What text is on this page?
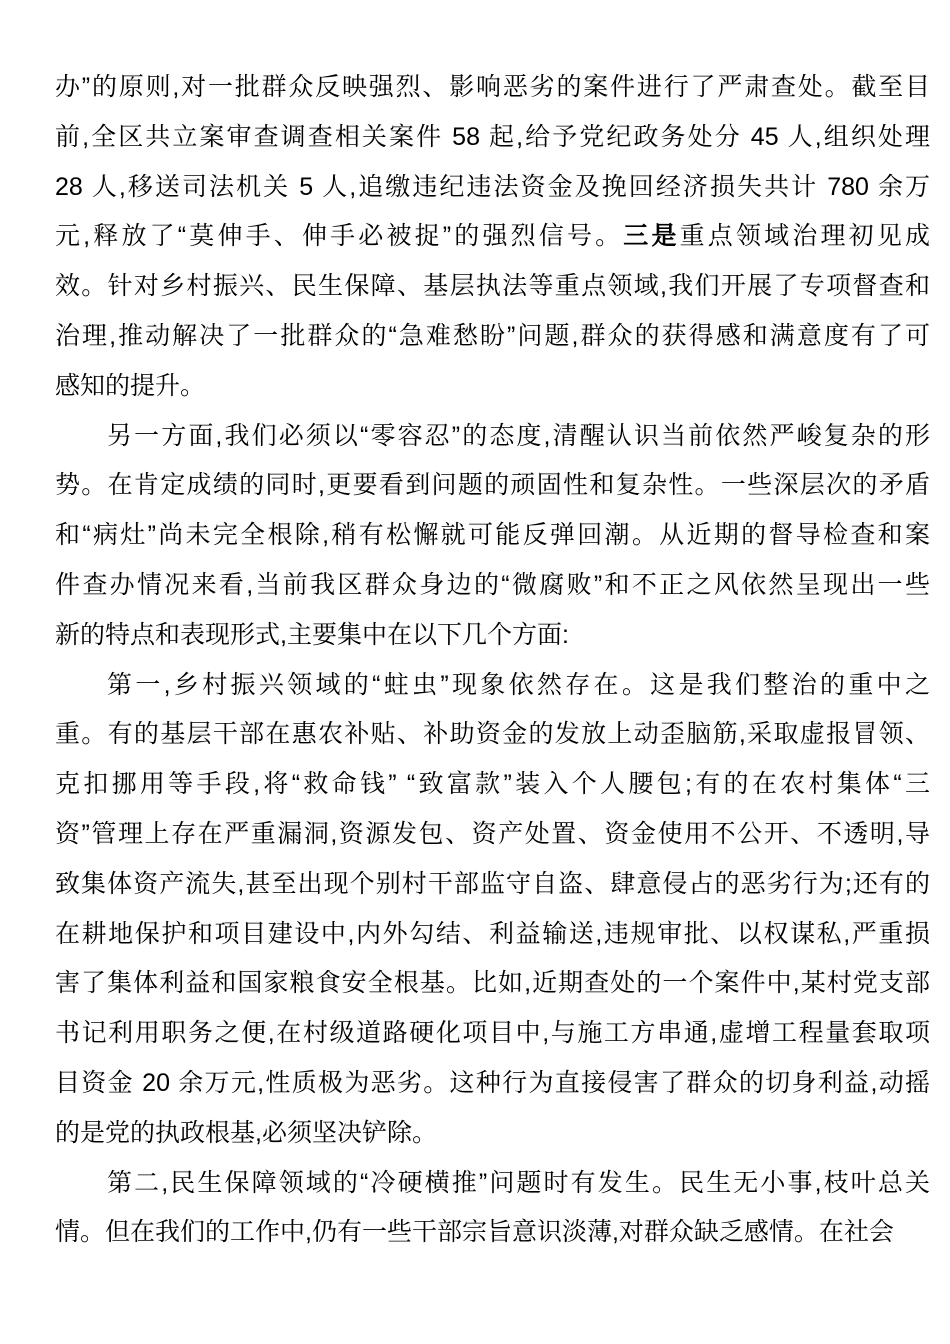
办”的原则,对一批群众反映强烈、影响恶劣的案件进行了严肃查处。截至目
前,全区共立案审查调查相关案件 58 起,给予党纪政务处分 45 人,组织处理
28 人,移送司法机关 5 人,追缴违纪违法资金及挽回经济损失共计 780 余万
元,释放了“莫伸手、伸手必被捉”的强烈信号。三是重点领域治理初见成
效。针对乡村振兴、民生保障、基层执法等重点领域,我们开展了专项督查和
治理,推动解决了一批群众的“急难愁盼”问题,群众的获得感和满意度有了可
感知的提升。
另一方面,我们必须以“零容忍”的态度,清醒认识当前依然严峻复杂的形
势。在肯定成绩的同时,更要看到问题的顽固性和复杂性。一些深层次的矛盾
和“病灶”尚未完全根除,稍有松懈就可能反弹回潮。从近期的督导检查和案
件查办情况来看,当前我区群众身边的“微腐败”和不正之风依然呈现出一些
新的特点和表现形式,主要集中在以下几个方面:
第一,乡村振兴领域的“蛀虫”现象依然存在。这是我们整治的重中之
重。有的基层干部在惠农补贴、补助资金的发放上动歪脑筋,采取虚报冒领、
克扣挪用等手段,将“救命钱” “致富款”装入个人腰包;有的在农村集体“三
资”管理上存在严重漏洞,资源发包、资产处置、资金使用不公开、不透明,导
致集体资产流失,甚至出现个别村干部监守自盗、肆意侵占的恶劣行为;还有的
在耕地保护和项目建设中,内外勾结、利益输送,违规审批、以权谋私,严重损
害了集体利益和国家粮食安全根基。比如,近期查处的一个案件中,某村党支部
书记利用职务之便,在村级道路硬化项目中,与施工方串通,虚增工程量套取项
目资金 20 余万元,性质极为恶劣。这种行为直接侵害了群众的切身利益,动摇
的是党的执政根基,必须坚决铲除。
第二,民生保障领域的“冷硬横推”问题时有发生。民生无小事,枝叶总关
情。但在我们的工作中,仍有一些干部宗旨意识淡薄,对群众缺乏感情。在社会
